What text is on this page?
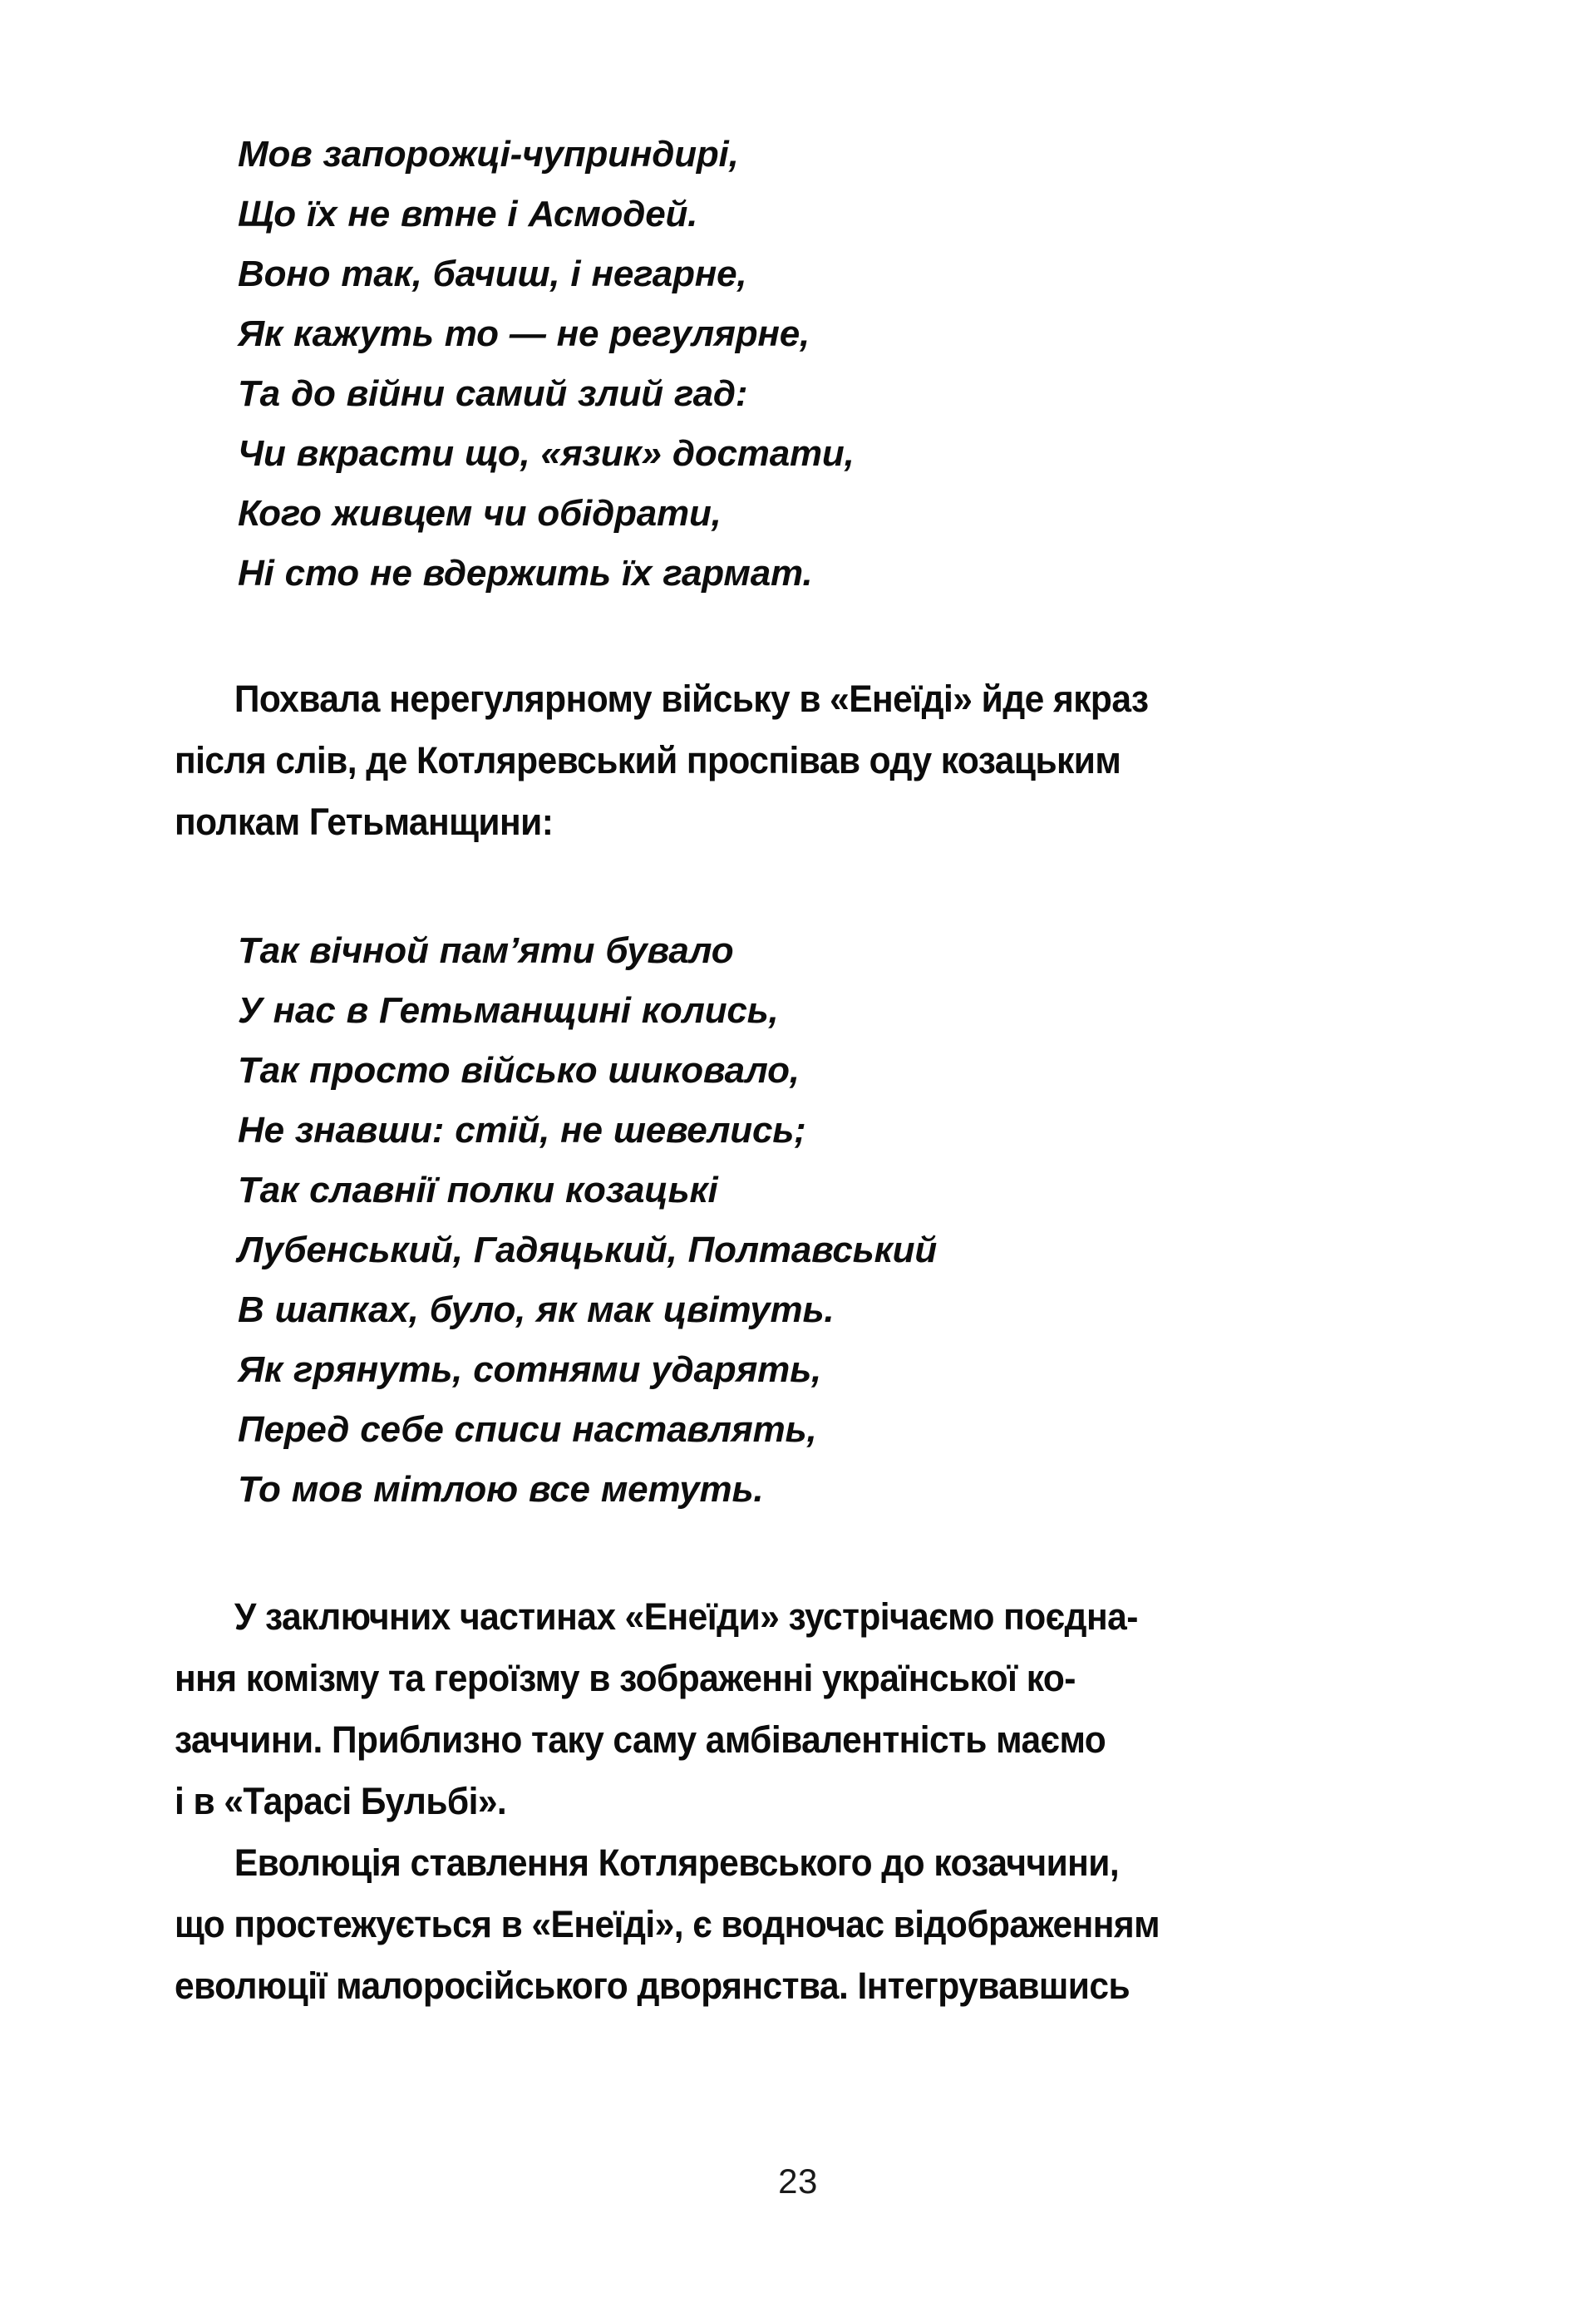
Мов запорожці-чуприндирі,
Що їх не втне і Асмодей.
Воно так, бачиш, і негарне,
Як кажуть то — не регулярне,
Та до війни самий злий гад:
Чи вкрасти що, «язик» достати,
Кого живцем чи обідрати,
Ні сто не вдержить їх гармат.
Похвала нерегулярному війську в «Енеїді» йде якраз
після слів, де Котляревський проспівав оду козацьким
полкам Гетьманщини:
Так вічной пам’яти бувало
У нас в Гетьманщині колись,
Так просто військо шиковало,
Не знавши: стій, не шевелись;
Так славнії полки козацькі
Лубенський, Гадяцький, Полтавський
В шапках, було, як мак цвітуть.
Як грянуть, сотнями ударять,
Перед себе списи наставлять,
То мов мітлою все метуть.
У заключних частинах «Енеїди» зустрічаємо поєдна-
ння комізму та героїзму в зображенні української ко-
заччини. Приблизно таку саму амбівалентність маємо
і в «Тарасі Бульбі».
Еволюція ставлення Котляревського до козаччини,
що простежується в «Енеїді», є водночас відображенням
еволюції малоросійського дворянства. Інтегрувавшись
23
